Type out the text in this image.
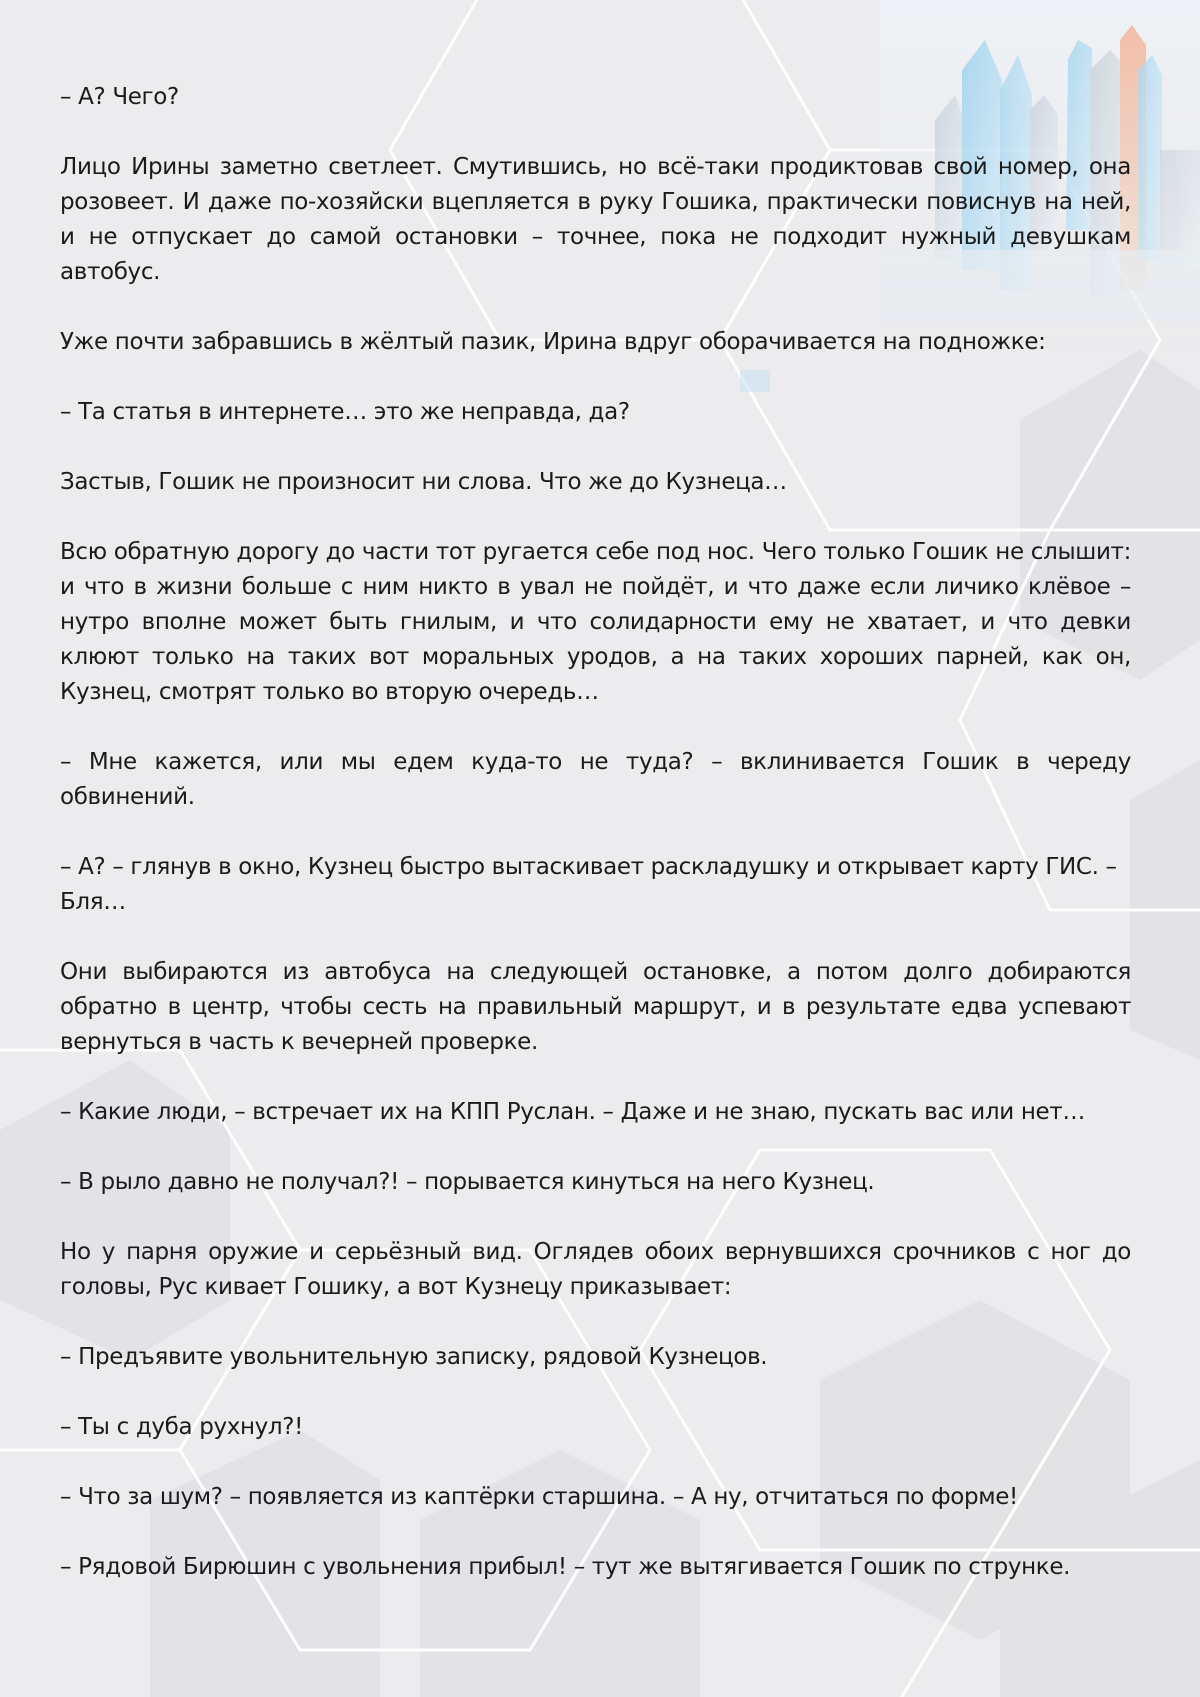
– А? Чего?

Лицо Ирины заметно светлеет. Смутившись, но всё-таки продиктовав свой номер, она розовеет. И даже по-хозяйски вцепляется в руку Гошика, практически повиснув на ней, и не отпускает до самой остановки – точнее, пока не подходит нужный девушкам автобус.

Уже почти забравшись в жёлтый пазик, Ирина вдруг оборачивается на подножке:

– Та статья в интернете… это же неправда, да?

Застыв, Гошик не произносит ни слова. Что же до Кузнеца…

Всю обратную дорогу до части тот ругается себе под нос. Чего только Гошик не слышит: и что в жизни больше с ним никто в увал не пойдёт, и что даже если личико клёвое – нутро вполне может быть гнилым, и что солидарности ему не хватает, и что девки клюют только на таких вот моральных уродов, а на таких хороших парней, как он, Кузнец, смотрят только во вторую очередь…

– Мне кажется, или мы едем куда-то не туда? – вклинивается Гошик в череду обвинений.

– А? – глянув в окно, Кузнец быстро вытаскивает раскладушку и открывает карту ГИС. – Бля…

Они выбираются из автобуса на следующей остановке, а потом долго добираются обратно в центр, чтобы сесть на правильный маршрут, и в результате едва успевают вернуться в часть к вечерней проверке.

– Какие люди, – встречает их на КПП Руслан. – Даже и не знаю, пускать вас или нет…

– В рыло давно не получал?! – порывается кинуться на него Кузнец.

Но у парня оружие и серьёзный вид. Оглядев обоих вернувшихся срочников с ног до головы, Рус кивает Гошику, а вот Кузнецу приказывает:

– Предъявите увольнительную записку, рядовой Кузнецов.

– Ты с дуба рухнул?!

– Что за шум? – появляется из каптёрки старшина. – А ну, отчитаться по форме!

– Рядовой Бирюшин с увольнения прибыл! – тут же вытягивается Гошик по струнке.
